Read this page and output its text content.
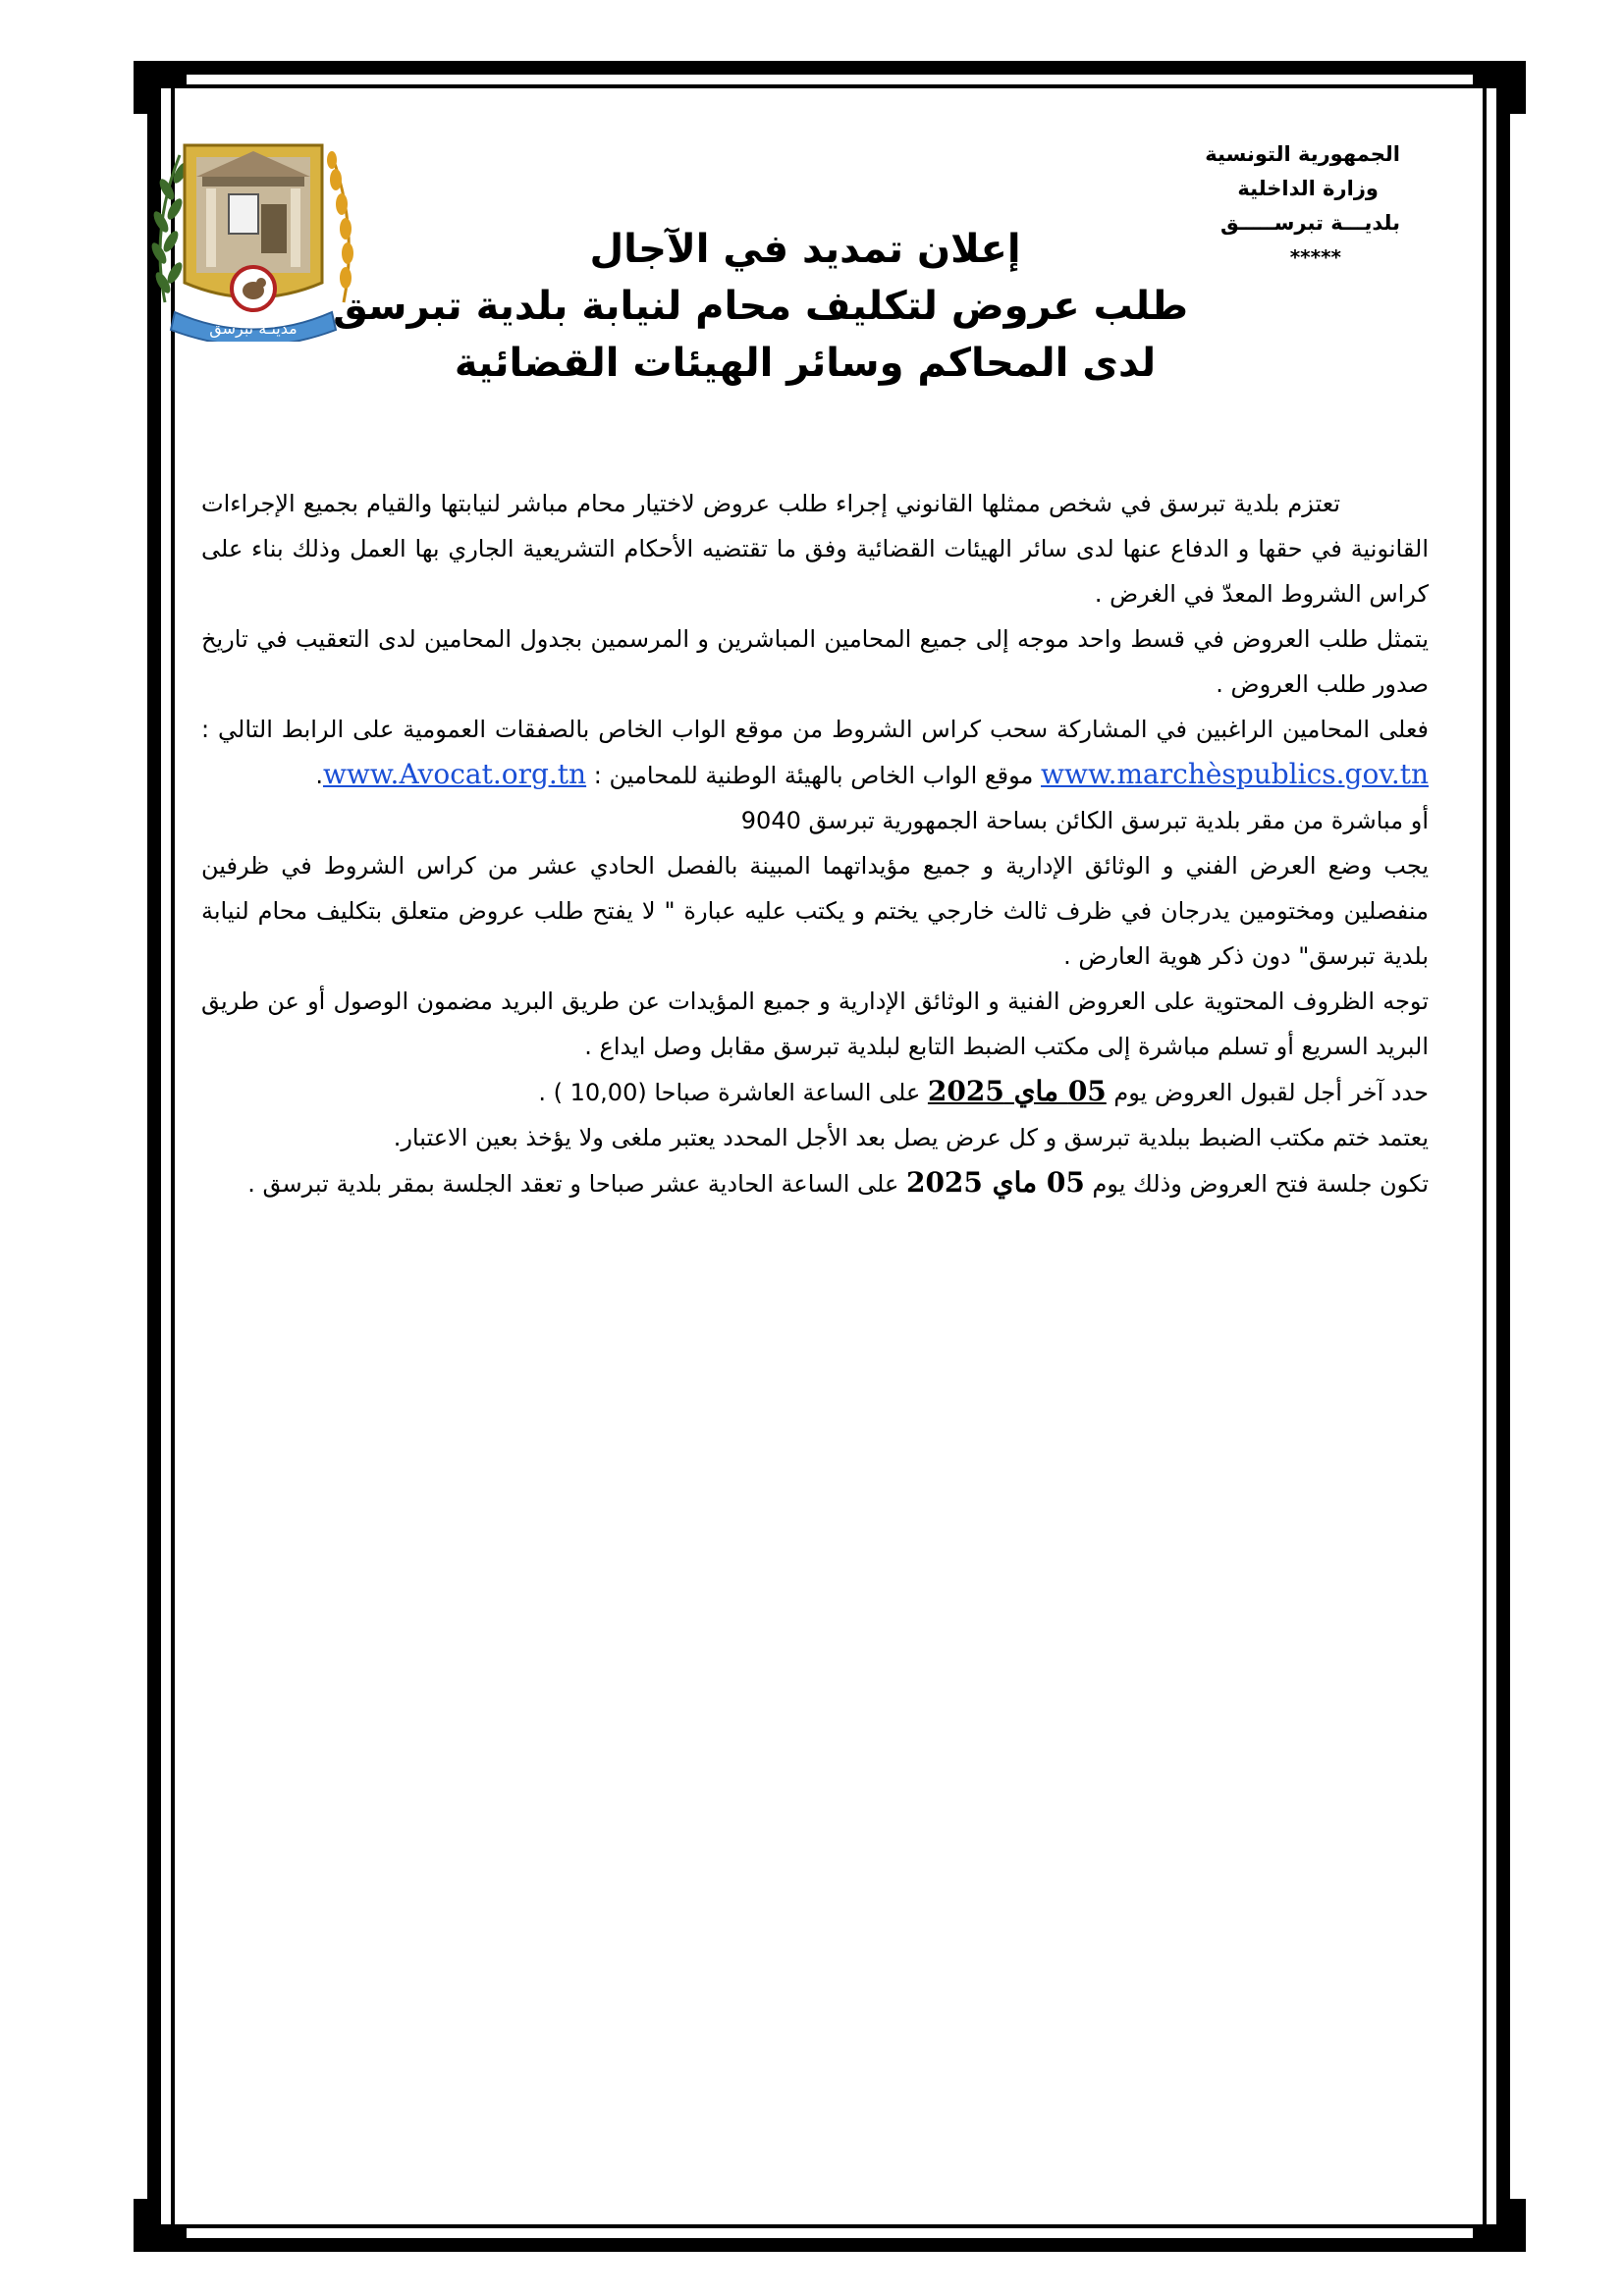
مدينـة تبرسق
الجمهورية التونسية
وزارة الداخلية
بلديـــة تبرســـــق
*****
إعلان تمديد في الآجال
طلب عروض لتكليف محام لنيابة بلدية تبرسق
لدى المحاكم وسائر الهيئات القضائية

تعتزم بلدية تبرسق في شخص ممثلها القانوني إجراء طلب عروض لاختيار محام مباشر لنيابتها والقيام بجميع الإجراءات القانونية في حقها و الدفاع عنها لدى سائر الهيئات القضائية وفق ما تقتضيه الأحكام التشريعية الجاري بها العمل وذلك بناء على كراس الشروط المعدّ في الغرض .

يتمثل طلب العروض في قسط واحد موجه إلى جميع المحامين المباشرين و المرسمين بجدول المحامين لدى التعقيب في تاريخ صدور طلب العروض .

فعلى المحامين الراغبين في المشاركة سحب كراس الشروط من موقع الواب الخاص بالصفقات العمومية على الرابط التالي : www.marchèspublics.gov.tn موقع الواب الخاص بالهيئة الوطنية للمحامين : www.Avocat.org.tn.

أو مباشرة من مقر بلدية تبرسق الكائن بساحة الجمهورية تبرسق 9040

يجب وضع العرض الفني و الوثائق الإدارية و جميع مؤيداتهما المبينة بالفصل الحادي عشر من كراس الشروط في ظرفين منفصلين ومختومين يدرجان في ظرف ثالث خارجي يختم و يكتب عليه عبارة " لا يفتح طلب عروض متعلق بتكليف محام لنيابة بلدية تبرسق" دون ذكر هوية العارض .

توجه الظروف المحتوية على العروض الفنية و الوثائق الإدارية و جميع المؤيدات عن طريق البريد مضمون الوصول أو عن طريق البريد السريع أو تسلم مباشرة إلى مكتب الضبط التابع لبلدية تبرسق مقابل وصل ايداع .

حدد آخر أجل لقبول العروض يوم 05 ماي 2025 على الساعة العاشرة صباحا (10,00 ) .

يعتمد ختم مكتب الضبط ببلدية تبرسق و كل عرض يصل بعد الأجل المحدد يعتبر ملغى ولا يؤخذ بعين الاعتبار.

تكون جلسة فتح العروض وذلك يوم 05 ماي 2025 على الساعة الحادية عشر صباحا و تعقد الجلسة بمقر بلدية تبرسق .
